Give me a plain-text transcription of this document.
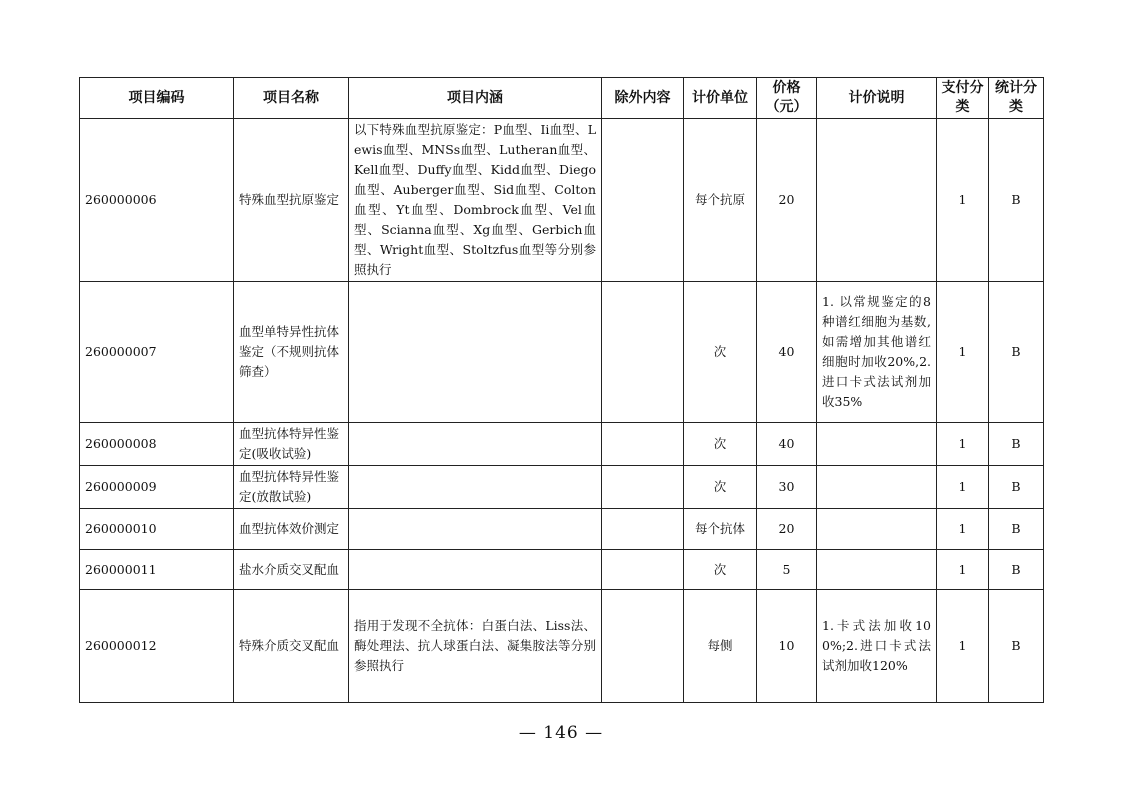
项目编码	项目名称	项目内涵	除外内容	计价单位	价格（元）	计价说明	支付分类	统计分类
260000006	特殊血型抗原鉴定	以下特殊血型抗原鉴定：P血型、Ii血型、Lewis血型、MNSs血型、Lutheran血型、Kell血型、Duffy血型、Kidd血型、Diego血型、Auberger血型、Sid血型、Colton血型、Yt血型、Dombrock血型、Vel血型、Scianna血型、Xg血型、Gerbich血型、Wright血型、Stoltzfus血型等分别参照执行		每个抗原	20		1	B
260000007	血型单特异性抗体鉴定（不规则抗体筛查）			次	40	1. 以常规鉴定的8种谱红细胞为基数,如需增加其他谱红细胞时加收20%,2.进口卡式法试剂加收35%	1	B
260000008	血型抗体特异性鉴定(吸收试验)			次	40		1	B
260000009	血型抗体特异性鉴定(放散试验)			次	30		1	B
260000010	血型抗体效价测定			每个抗体	20		1	B
260000011	盐水介质交叉配血			次	5		1	B
260000012	特殊介质交叉配血	指用于发现不全抗体：白蛋白法、Liss法、酶处理法、抗人球蛋白法、凝集胺法等分别参照执行		每侧	10	1.卡式法加收100%;2.进口卡式法试剂加收120%	1	B
— 146 —
